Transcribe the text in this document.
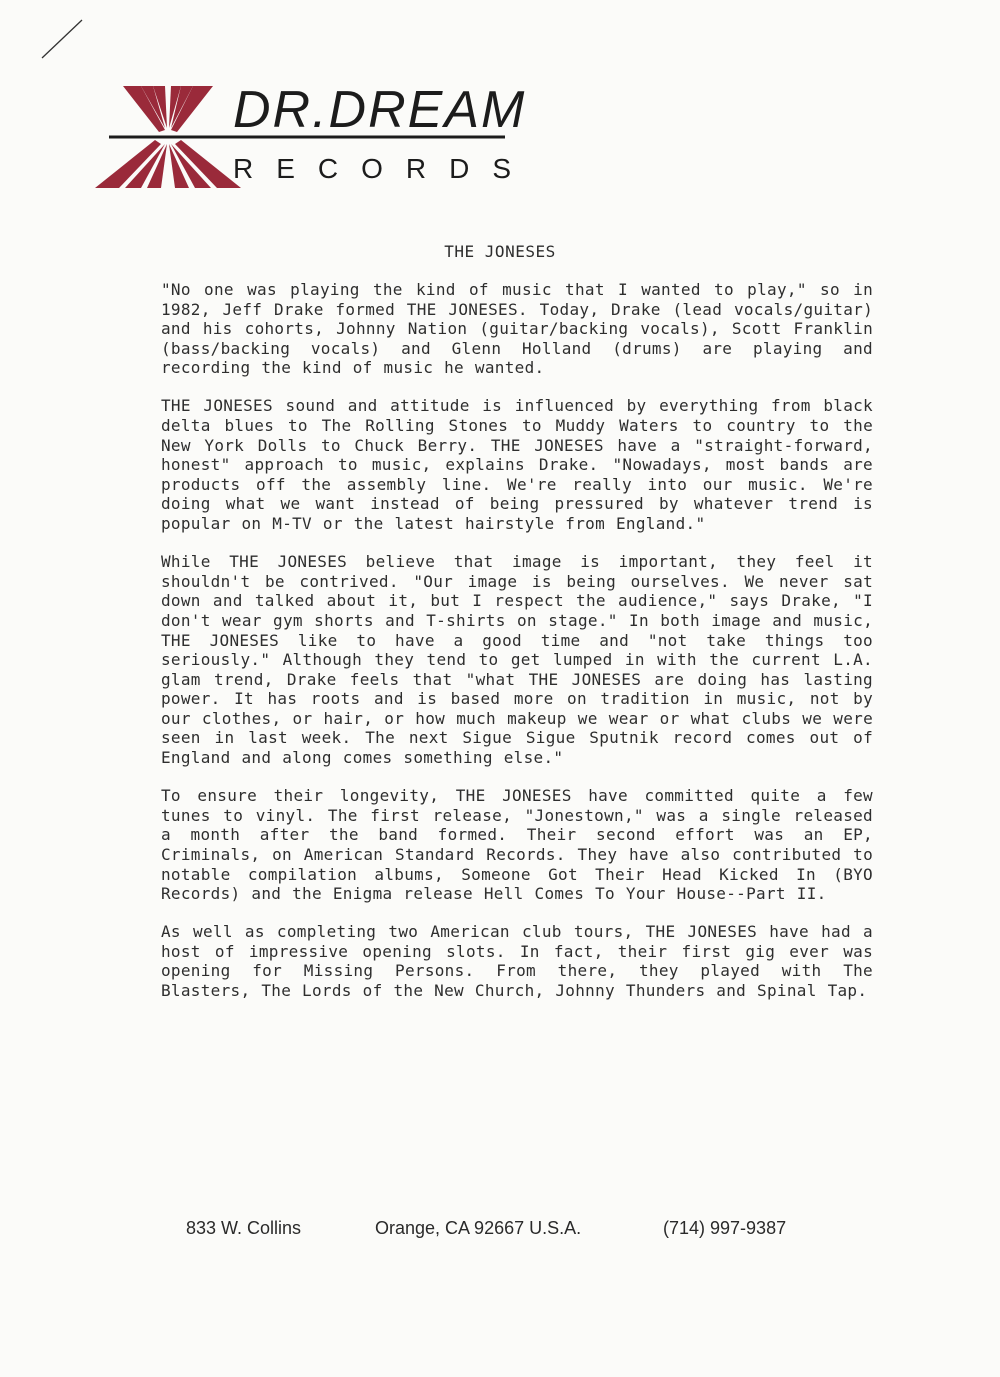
DR.DREAM
RECORDS
THE JONESES

"No one was playing the kind of music that I wanted to play," so in 1982, Jeff Drake formed THE JONESES. Today, Drake (lead vocals/guitar) and his cohorts, Johnny Nation (guitar/backing vocals), Scott Franklin (bass/backing vocals) and Glenn Holland (drums) are playing and recording the kind of music he wanted.

THE JONESES sound and attitude is influenced by everything from black delta blues to The Rolling Stones to Muddy Waters to country to the New York Dolls to Chuck Berry. THE JONESES have a "straight-forward, honest" approach to music, explains Drake. "Nowadays, most bands are products off the assembly line. We're really into our music. We're doing what we want instead of being pressured by whatever trend is popular on M-TV or the latest hairstyle from England."

While THE JONESES believe that image is important, they feel it shouldn't be contrived. "Our image is being ourselves. We never sat down and talked about it, but I respect the audience," says Drake, "I don't wear gym shorts and T-shirts on stage." In both image and music, THE JONESES like to have a good time and "not take things too seriously." Although they tend to get lumped in with the current L.A. glam trend, Drake feels that "what THE JONESES are doing has lasting power. It has roots and is based more on tradition in music, not by our clothes, or hair, or how much makeup we wear or what clubs we were seen in last week. The next Sigue Sigue Sputnik record comes out of England and along comes something else."

To ensure their longevity, THE JONESES have committed quite a few tunes to vinyl. The first release, "Jonestown," was a single released a month after the band formed. Their second effort was an EP, Criminals, on American Standard Records. They have also contributed to notable compilation albums, Someone Got Their Head Kicked In (BYO Records) and the Enigma release Hell Comes To Your House--Part II.

As well as completing two American club tours, THE JONESES have had a host of impressive opening slots. In fact, their first gig ever was opening for Missing Persons. From there, they played with The Blasters, The Lords of the New Church, Johnny Thunders and Spinal Tap.

833 W. Collins	Orange, CA 92667 U.S.A.	(714) 997-9387
